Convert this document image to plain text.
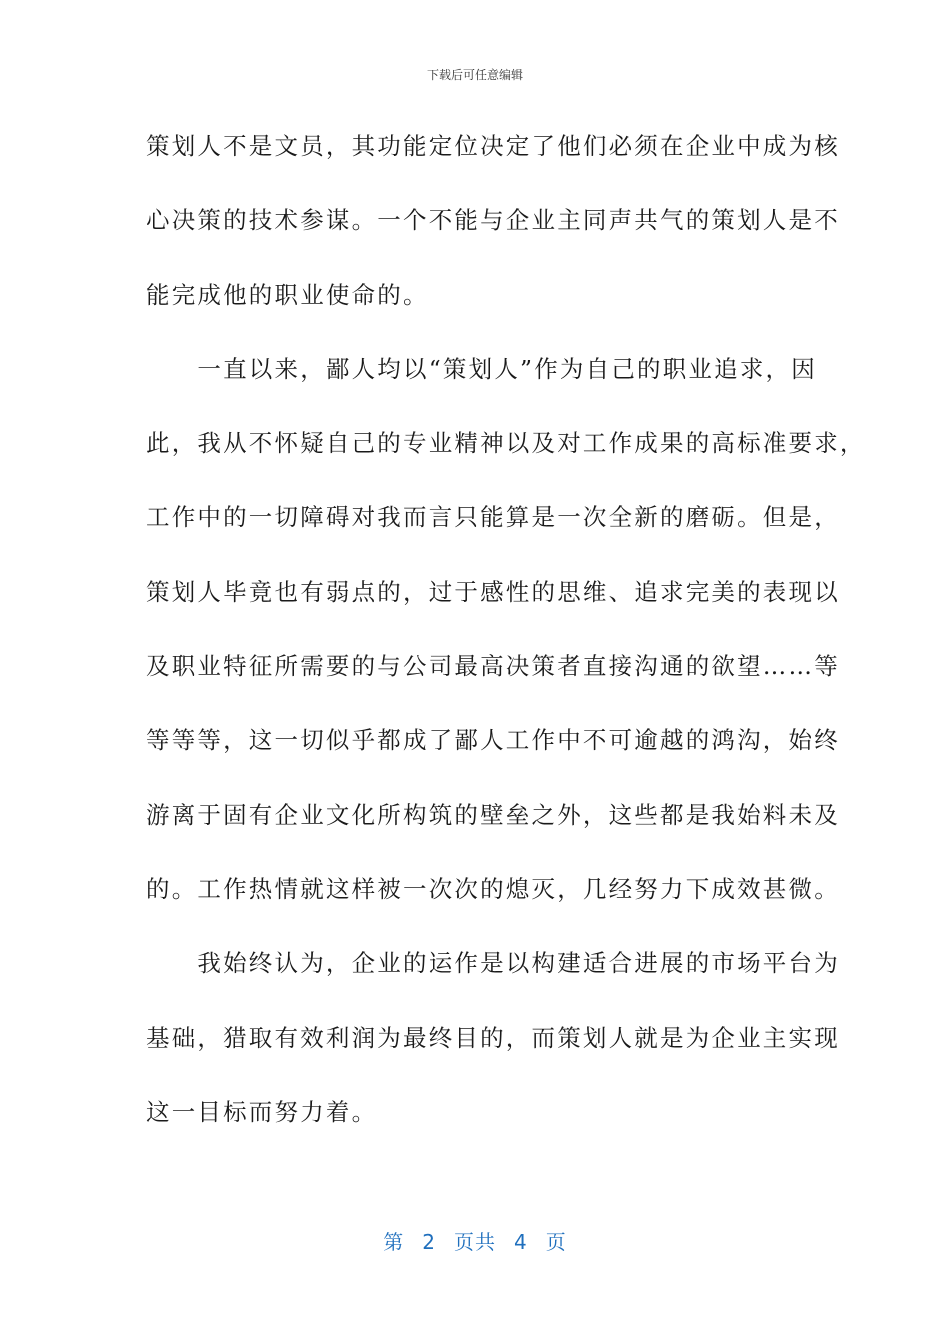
下载后可任意编辑
策划人不是文员，其功能定位决定了他们必须在企业中成为核
心决策的技术参谋。一个不能与企业主同声共气的策划人是不
能完成他的职业使命的。
　　一直以来，鄙人均以“策划人”作为自己的职业追求，因
此，我从不怀疑自己的专业精神以及对工作成果的高标准要求，
工作中的一切障碍对我而言只能算是一次全新的磨砺。但是，
策划人毕竟也有弱点的，过于感性的思维、追求完美的表现以
及职业特征所需要的与公司最高决策者直接沟通的欲望……等
等等等，这一切似乎都成了鄙人工作中不可逾越的鸿沟，始终
游离于固有企业文化所构筑的壁垒之外，这些都是我始料未及
的。工作热情就这样被一次次的熄灭，几经努力下成效甚微。
　　我始终认为，企业的运作是以构建适合进展的市场平台为
基础，猎取有效利润为最终目的，而策划人就是为企业主实现
这一目标而努力着。
第 2 页共 4 页
